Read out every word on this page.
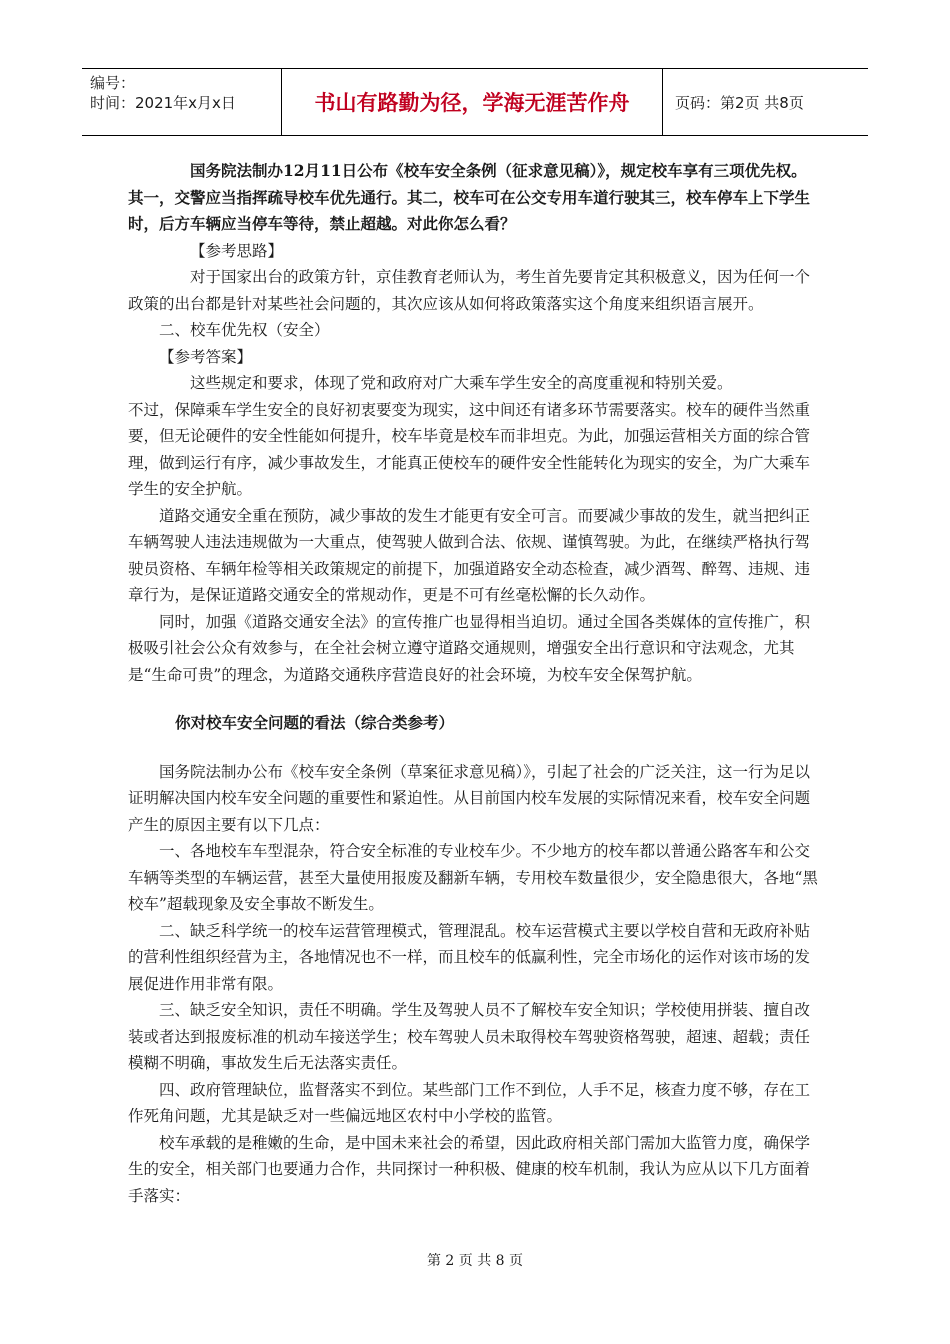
编号：
时间：2021年x月x日	书山有路勤为径，学海无涯苦作舟	页码：第2页 共8页

国务院法制办12月11日公布《校车安全条例（征求意见稿）》，规定校车享有三项优先权。其一，交警应当指挥疏导校车优先通行。其二，校车可在公交专用车道行驶其三，校车停车上下学生时，后方车辆应当停车等待，禁止超越。对此你怎么看？

【参考思路】

对于国家出台的政策方针，京佳教育老师认为，考生首先要肯定其积极意义，因为任何一个政策的出台都是针对某些社会问题的，其次应该从如何将政策落实这个角度来组织语言展开。

二、校车优先权（安全）

【参考答案】

这些规定和要求，体现了党和政府对广大乘车学生安全的高度重视和特别关爱。

不过，保障乘车学生安全的良好初衷要变为现实，这中间还有诸多环节需要落实。校车的硬件当然重要，但无论硬件的安全性能如何提升，校车毕竟是校车而非坦克。为此，加强运营相关方面的综合管理，做到运行有序，减少事故发生，才能真正使校车的硬件安全性能转化为现实的安全，为广大乘车学生的安全护航。

道路交通安全重在预防，减少事故的发生才能更有安全可言。而要减少事故的发生，就当把纠正车辆驾驶人违法违规做为一大重点，使驾驶人做到合法、依规、谨慎驾驶。为此，在继续严格执行驾驶员资格、车辆年检等相关政策规定的前提下，加强道路安全动态检查，减少酒驾、醉驾、违规、违章行为，是保证道路交通安全的常规动作，更是不可有丝毫松懈的长久动作。

同时，加强《道路交通安全法》的宣传推广也显得相当迫切。通过全国各类媒体的宣传推广，积极吸引社会公众有效参与，在全社会树立遵守道路交通规则，增强安全出行意识和守法观念，尤其是“生命可贵”的理念，为道路交通秩序营造良好的社会环境，为校车安全保驾护航。

你对校车安全问题的看法（综合类参考）

国务院法制办公布《校车安全条例（草案征求意见稿）》，引起了社会的广泛关注，这一行为足以证明解决国内校车安全问题的重要性和紧迫性。从目前国内校车发展的实际情况来看，校车安全问题产生的原因主要有以下几点：

一、各地校车车型混杂，符合安全标准的专业校车少。不少地方的校车都以普通公路客车和公交车辆等类型的车辆运营，甚至大量使用报废及翻新车辆，专用校车数量很少，安全隐患很大，各地“黑校车”超载现象及安全事故不断发生。

二、缺乏科学统一的校车运营管理模式，管理混乱。校车运营模式主要以学校自营和无政府补贴的营利性组织经营为主，各地情况也不一样，而且校车的低赢利性，完全市场化的运作对该市场的发展促进作用非常有限。

三、缺乏安全知识，责任不明确。学生及驾驶人员不了解校车安全知识；学校使用拼装、擅自改装或者达到报废标准的机动车接送学生；校车驾驶人员未取得校车驾驶资格驾驶，超速、超载；责任模糊不明确，事故发生后无法落实责任。

四、政府管理缺位，监督落实不到位。某些部门工作不到位，人手不足，核查力度不够，存在工作死角问题，尤其是缺乏对一些偏远地区农村中小学校的监管。

校车承载的是稚嫩的生命，是中国未来社会的希望，因此政府相关部门需加大监管力度，确保学生的安全，相关部门也要通力合作，共同探讨一种积极、健康的校车机制，我认为应从以下几方面着手落实：

第 2 页 共 8 页
